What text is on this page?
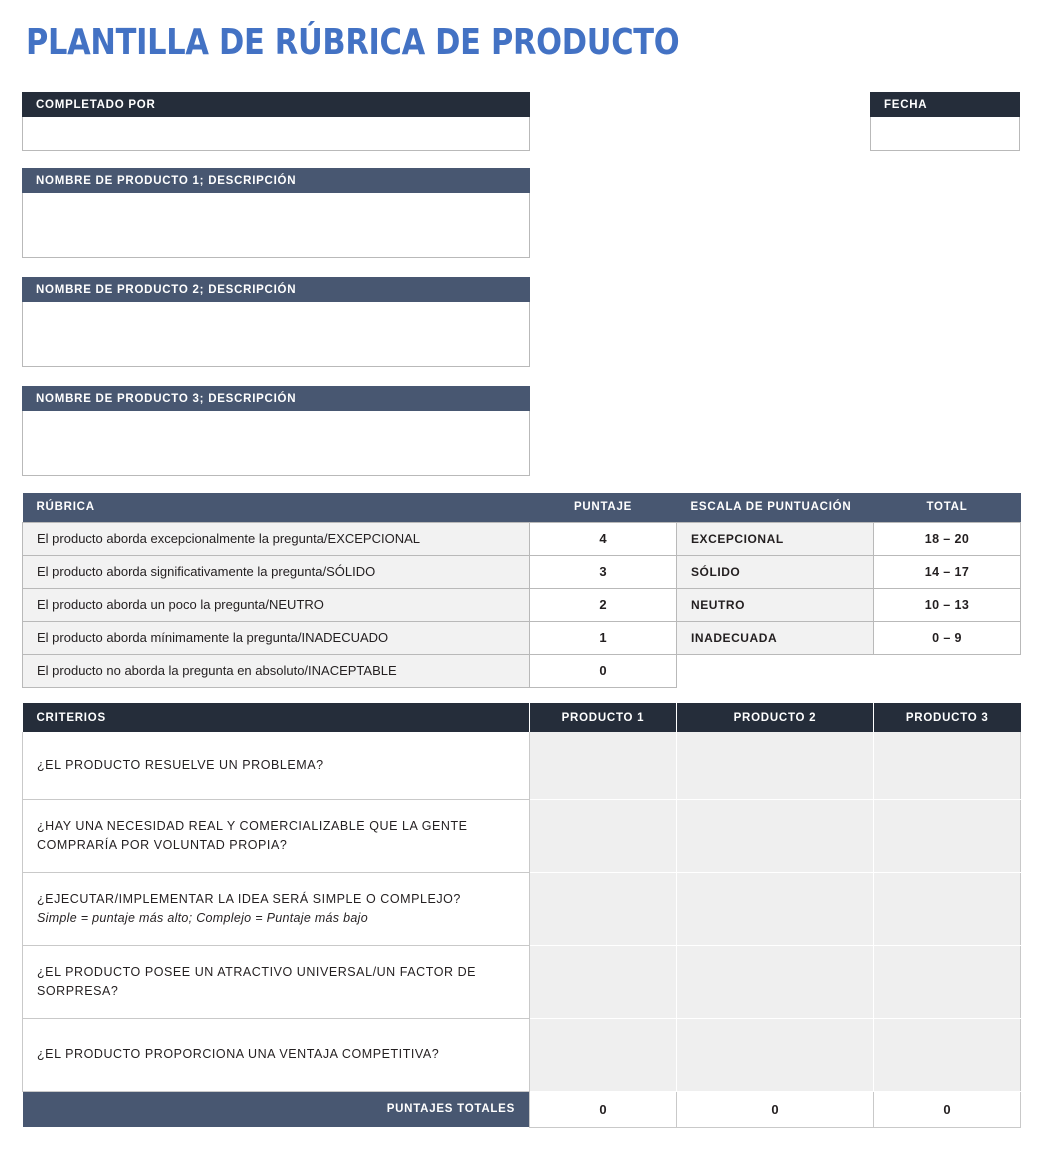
PLANTILLA DE RÚBRICA DE PRODUCTO
COMPLETADO POR	FECHA
NOMBRE DE PRODUCTO 1; DESCRIPCIÓN
NOMBRE DE PRODUCTO 2; DESCRIPCIÓN
NOMBRE DE PRODUCTO 3; DESCRIPCIÓN
RÚBRICA	PUNTAJE	ESCALA DE PUNTUACIÓN	TOTAL
El producto aborda excepcionalmente la pregunta/EXCEPCIONAL	4	EXCEPCIONAL	18 – 20
El producto aborda significativamente la pregunta/SÓLIDO	3	SÓLIDO	14 – 17
El producto aborda un poco la pregunta/NEUTRO	2	NEUTRO	10 – 13
El producto aborda mínimamente la pregunta/INADECUADO	1	INADECUADA	0 – 9
El producto no aborda la pregunta en absoluto/INACEPTABLE	0		
CRITERIOS	PRODUCTO 1	PRODUCTO 2	PRODUCTO 3

¿EL PRODUCTO RESUELVE UN PROBLEMA?			

¿HAY UNA NECESIDAD REAL Y COMERCIALIZABLE QUE LA GENTE COMPRARÍA POR VOLUNTAD PROPIA?			

¿EJECUTAR/IMPLEMENTAR LA IDEA SERÁ SIMPLE O COMPLEJO?
Simple = puntaje más alto; Complejo = Puntaje más bajo			

¿EL PRODUCTO POSEE UN ATRACTIVO UNIVERSAL/UN FACTOR DE SORPRESA?			

¿EL PRODUCTO PROPORCIONA UNA VENTAJA COMPETITIVA?			

PUNTAJES TOTALES	0	0	0
